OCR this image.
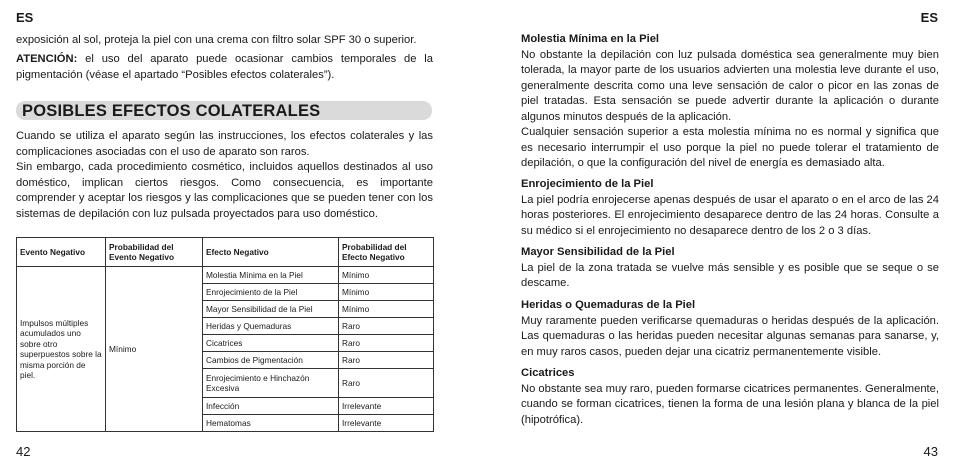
ES

exposición al sol, proteja la piel con una crema con filtro solar SPF 30 o superior.

ATENCIÓN: el uso del aparato puede ocasionar cambios temporales de la pigmentación (véase el apartado “Posibles efectos colaterales”).

POSIBLES EFECTOS COLATERALES

Cuando se utiliza el aparato según las instrucciones, los efectos colaterales y las complicaciones asociadas con el uso de aparato son raros.

Sin embargo, cada procedimiento cosmético, incluidos aquellos destinados al uso doméstico, implican ciertos riesgos. Como consecuencia, es importante comprender y aceptar los riesgos y las complicaciones que se pueden tener con los sistemas de depilación con luz pulsada proyectados para uso doméstico.

Evento Negativo	Probabilidad del Evento Negativo	Efecto Negativo	Probabilidad del Efecto Negativo
Impulsos múltiples acumulados uno sobre otro superpuestos sobre la misma porción de piel.	Mínimo	Molestia Mínima en la Piel	Mínimo
		Enrojecimiento de la Piel	Mínimo
		Mayor Sensibilidad de la Piel	Mínimo
		Heridas y Quemaduras	Raro
		Cicatrices	Raro
		Cambios de Pigmentación	Raro
		Enrojecimiento e Hinchazón Excesiva	Raro
		Infección	Irrelevante
		Hematomas	Irrelevante
42
ES

Molestia Mínima en la Piel

No obstante la depilación con luz pulsada doméstica sea generalmente muy bien tolerada, la mayor parte de los usuarios advierten una molestia leve durante el uso, generalmente descrita como una leve sensación de calor o picor en las zonas de piel tratadas. Esta sensación se puede advertir durante la aplicación o durante algunos minutos después de la aplicación.

Cualquier sensación superior a esta molestia mínima no es normal y significa que es necesario interrumpir el uso porque la piel no puede tolerar el tratamiento de depilación, o que la configuración del nivel de energía es demasiado alta.

Enrojecimiento de la Piel

La piel podría enrojecerse apenas después de usar el aparato o en el arco de las 24 horas posteriores. El enrojecimiento desaparece dentro de las 24 horas. Consulte a su médico si el enrojecimiento no desaparece dentro de los 2 o 3 días.

Mayor Sensibilidad de la Piel

La piel de la zona tratada se vuelve más sensible y es posible que se seque o se descame.

Heridas o Quemaduras de la Piel

Muy raramente pueden verificarse quemaduras o heridas después de la aplicación. Las quemaduras o las heridas pueden necesitar algunas semanas para sanarse, y, en muy raros casos, pueden dejar una cicatriz permanentemente visible.

Cicatrices

No obstante sea muy raro, pueden formarse cicatrices permanentes. Generalmente, cuando se forman cicatrices, tienen la forma de una lesión plana y blanca de la piel (hipotrófica).

43
